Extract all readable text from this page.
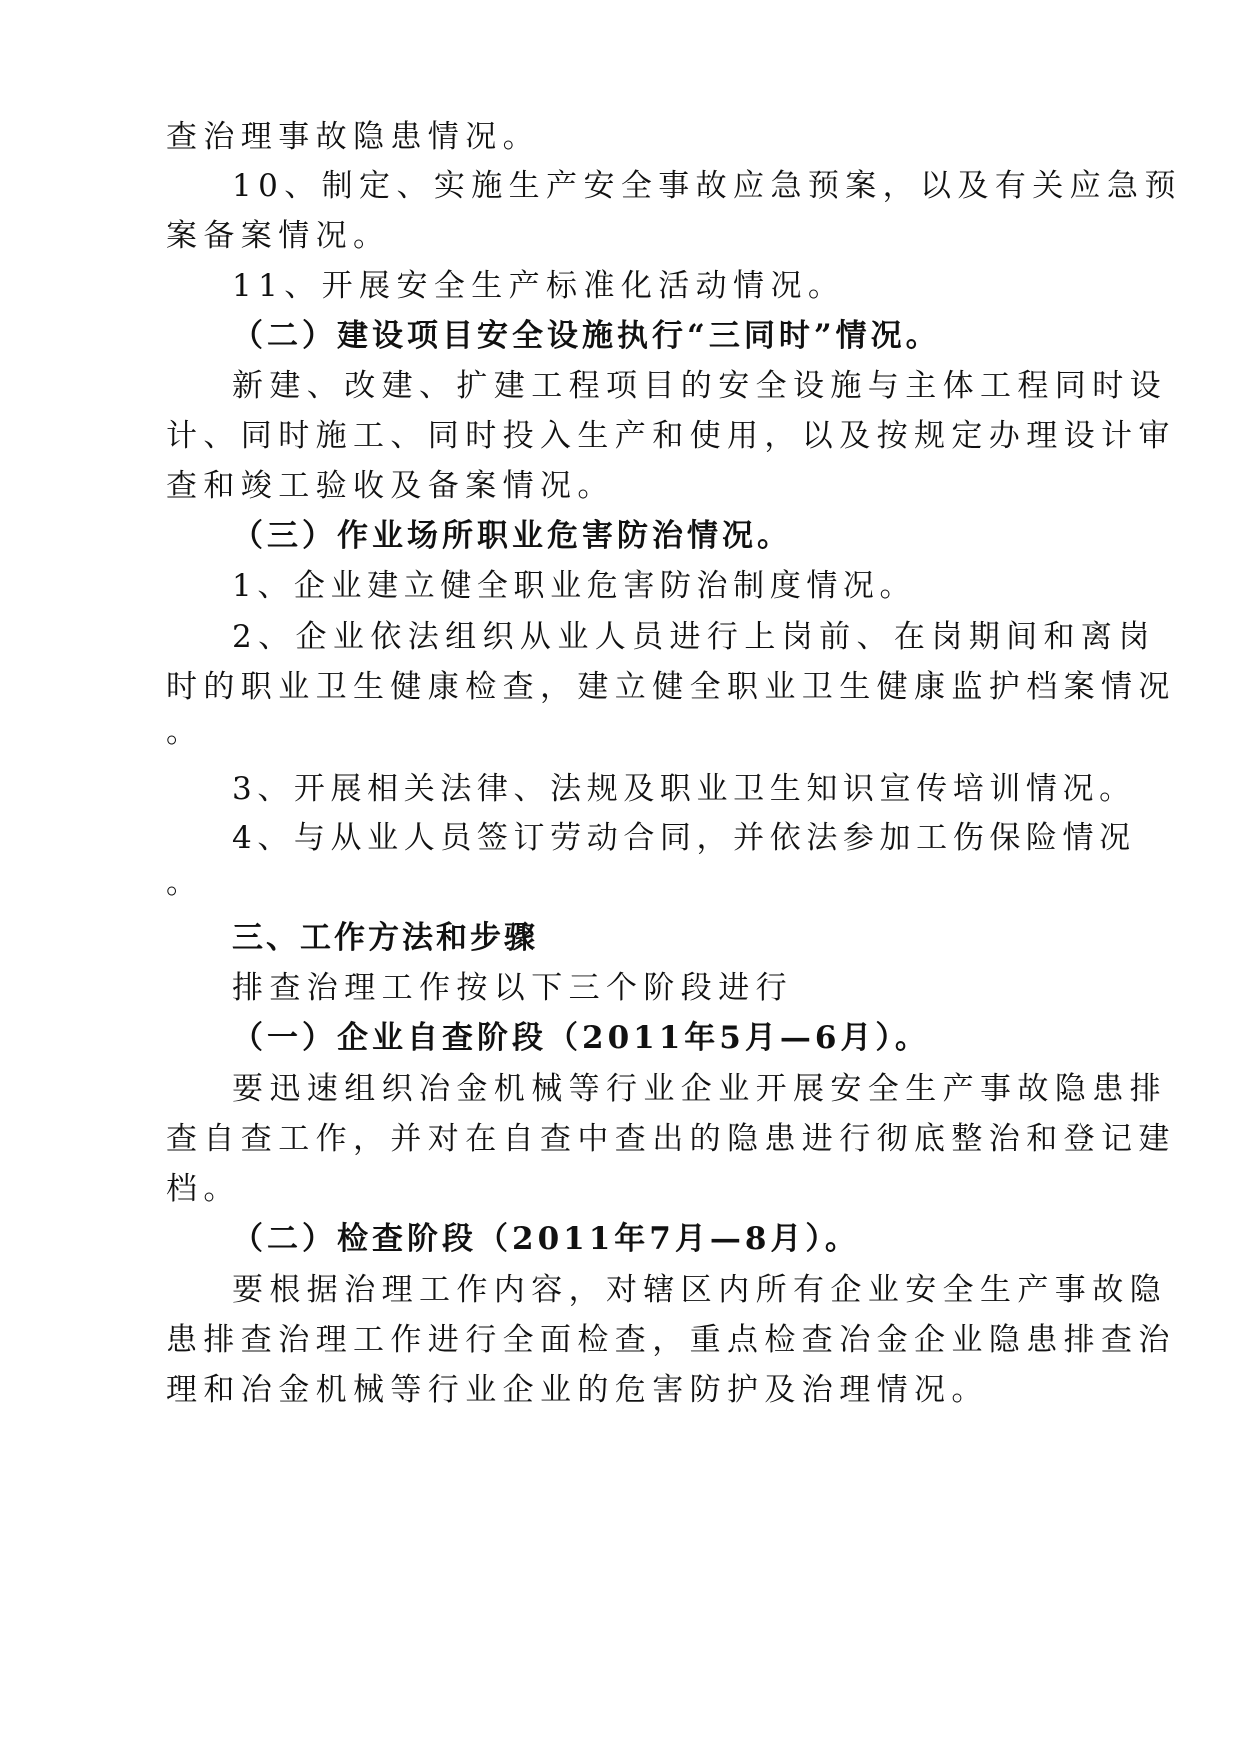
查治理事故隐患情况。
10、制定、实施生产安全事故应急预案，以及有关应急预
案备案情况。
11、开展安全生产标准化活动情况。
（二）建设项目安全设施执行“三同时”情况。
新建、改建、扩建工程项目的安全设施与主体工程同时设
计、同时施工、同时投入生产和使用，以及按规定办理设计审
查和竣工验收及备案情况。
（三）作业场所职业危害防治情况。
1、企业建立健全职业危害防治制度情况。
2、企业依法组织从业人员进行上岗前、在岗期间和离岗
时的职业卫生健康检查，建立健全职业卫生健康监护档案情况
。
3、开展相关法律、法规及职业卫生知识宣传培训情况。
4、与从业人员签订劳动合同，并依法参加工伤保险情况
。
三、工作方法和步骤
排查治理工作按以下三个阶段进行
（一）企业自查阶段（2011年5月—6月）。
要迅速组织冶金机械等行业企业开展安全生产事故隐患排
查自查工作，并对在自查中查出的隐患进行彻底整治和登记建
档。
（二）检查阶段（2011年7月—8月）。
要根据治理工作内容，对辖区内所有企业安全生产事故隐
患排查治理工作进行全面检查，重点检查冶金企业隐患排查治
理和冶金机械等行业企业的危害防护及治理情况。
